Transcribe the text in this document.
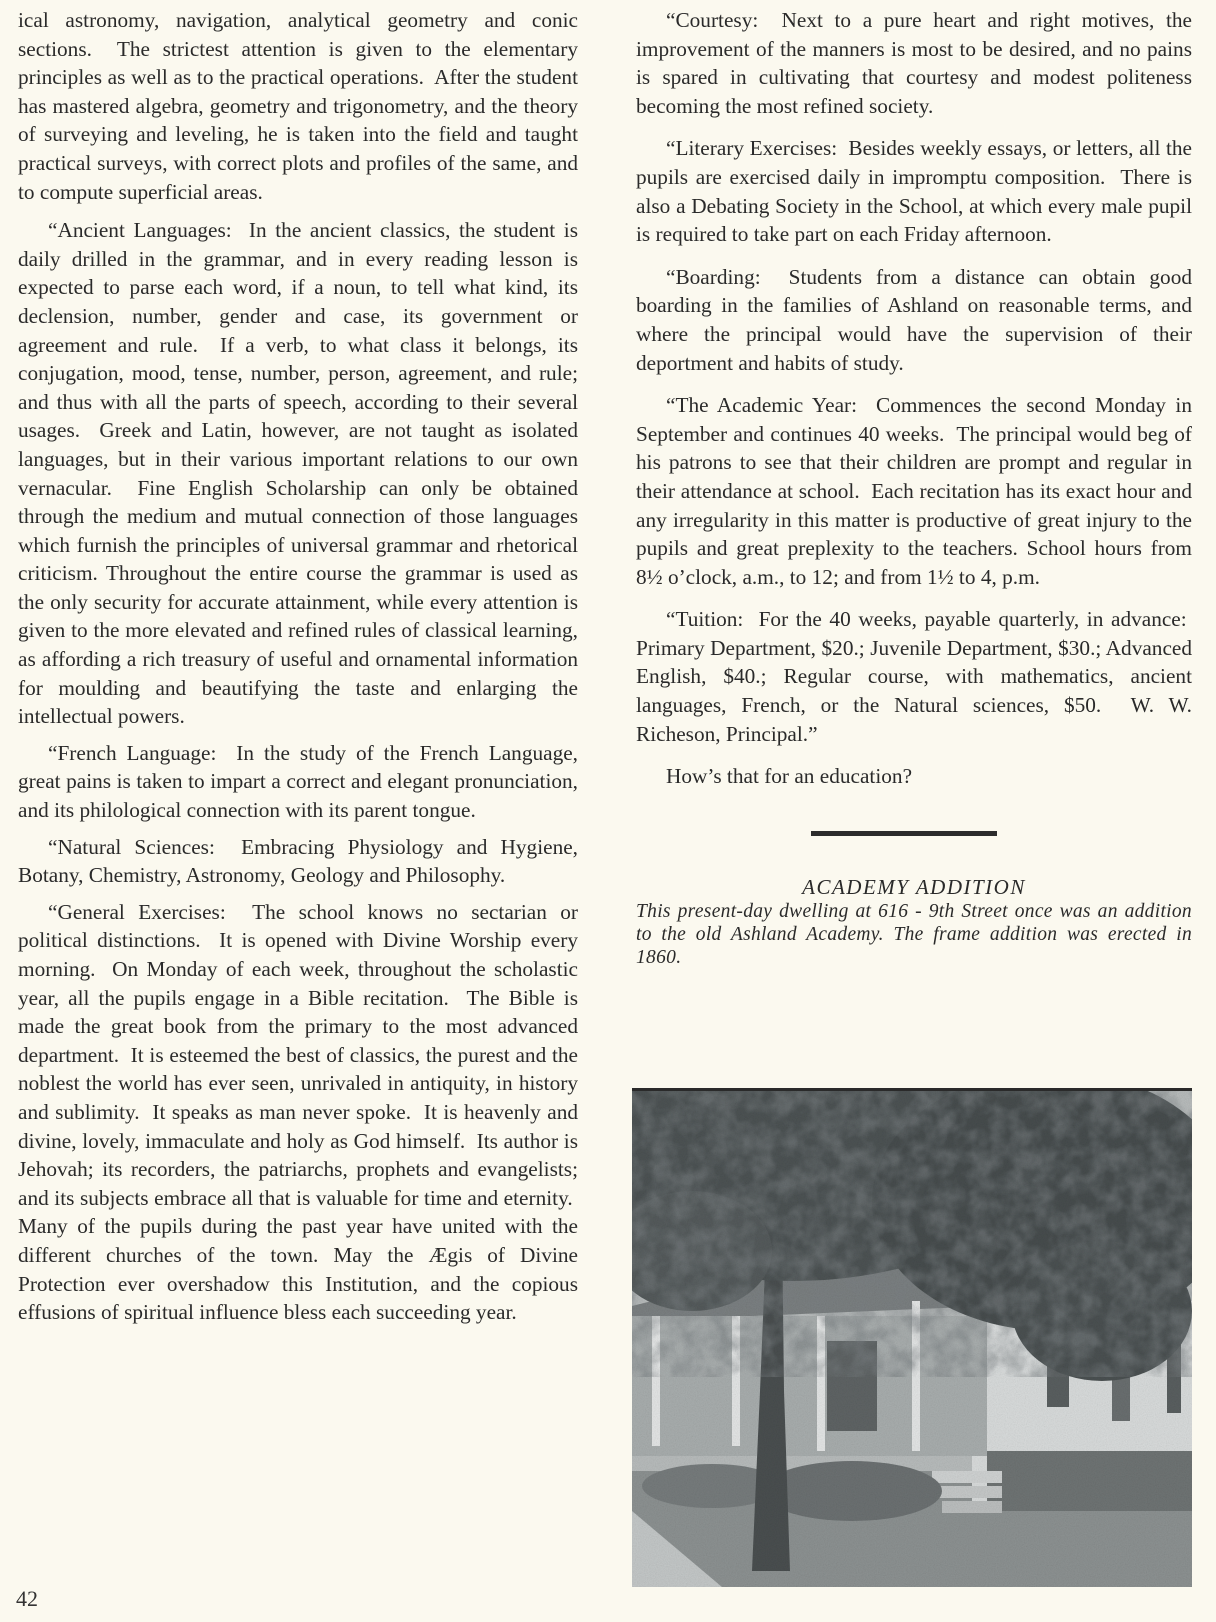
ical astronomy, navigation, analytical geometry and conic sections.  The strictest attention is given to the elementary principles as well as to the practical operations.  After the student has mastered algebra, geometry and trigonometry, and the theory of surveying and leveling, he is taken into the field and taught practical surveys, with correct plots and profiles of the same, and to compute superficial areas.

“Ancient Languages:  In the ancient classics, the student is daily drilled in the grammar, and in every reading lesson is expected to parse each word, if a noun, to tell what kind, its declension, number, gender and case, its government or agreement and rule.  If a verb, to what class it belongs, its conjugation, mood, tense, number, person, agreement, and rule; and thus with all the parts of speech, according to their several usages.  Greek and Latin, however, are not taught as isolated languages, but in their various important relations to our own vernacular.  Fine English Scholarship can only be obtained through the medium and mutual connection of those languages which furnish the principles of universal grammar and rhetorical criticism. Throughout the entire course the grammar is used as the only security for accurate attainment, while every attention is given to the more elevated and refined rules of classical learning, as affording a rich treasury of useful and ornamental information for moulding and beautifying the taste and enlarging the intellectual powers.

“French Language:  In the study of the French Language, great pains is taken to impart a correct and elegant pronunciation, and its philological connection with its parent tongue.

“Natural Sciences:  Embracing Physiology and Hygiene, Botany, Chemistry, Astronomy, Geology and Philosophy.

“General Exercises:  The school knows no sectarian or political distinctions.  It is opened with Divine Worship every morning.  On Monday of each week, throughout the scholastic year, all the pupils engage in a Bible recitation.  The Bible is made the great book from the primary to the most advanced department.  It is esteemed the best of classics, the purest and the noblest the world has ever seen, unrivaled in antiquity, in history and sublimity.  It speaks as man never spoke.  It is heavenly and divine, lovely, immaculate and holy as God himself.  Its author is Jehovah; its recorders, the patriarchs, prophets and evangelists; and its subjects embrace all that is valuable for time and eternity.  Many of the pupils during the past year have united with the different churches of the town. May the Ægis of Divine Protection ever overshadow this Institution, and the copious effusions of spiritual influence bless each succeeding year.

“Courtesy:  Next to a pure heart and right motives, the improvement of the manners is most to be desired, and no pains is spared in cultivating that courtesy and modest politeness becoming the most refined society.

“Literary Exercises:  Besides weekly essays, or letters, all the pupils are exercised daily in impromptu composition.  There is also a Debating Society in the School, at which every male pupil is required to take part on each Friday afternoon.

“Boarding:  Students from a distance can obtain good boarding in the families of Ashland on reasonable terms, and where the principal would have the supervision of their deportment and habits of study.

“The Academic Year:  Commences the second Monday in September and continues 40 weeks.  The principal would beg of his patrons to see that their children are prompt and regular in their attendance at school.  Each recitation has its exact hour and any irregularity in this matter is productive of great injury to the pupils and great preplexity to the teachers. School hours from 8½ o’clock, a.m., to 12; and from 1½ to 4, p.m.

“Tuition:  For the 40 weeks, payable quarterly, in advance:  Primary Department, $20.; Juvenile Department, $30.; Advanced English, $40.; Regular course, with mathematics, ancient languages, French, or the Natural sciences, $50.  W. W. Richeson, Principal.”

How’s that for an education?

ACADEMY ADDITION
This present-day dwelling at 616 - 9th Street once was an addition to the old Ashland Academy. The frame addition was erected in 1860.
42
